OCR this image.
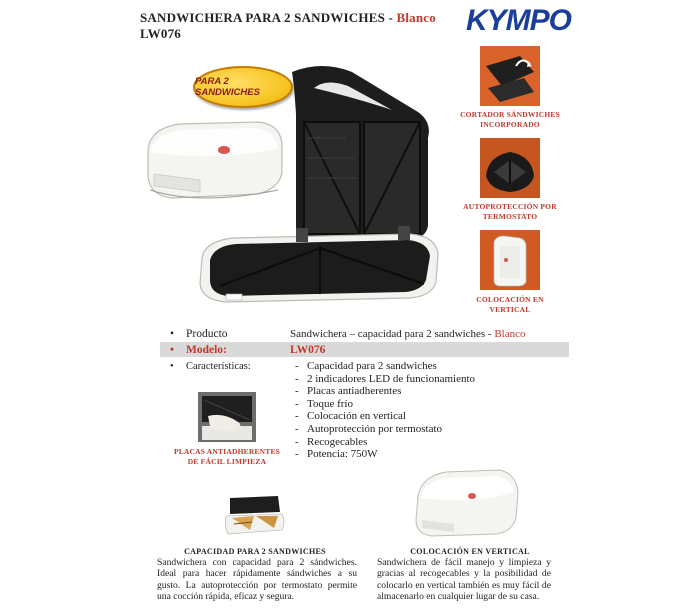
SANDWICHERA PARA 2 SANDWICHES - Blanco
LW076	KYMPO
PARA 2 SANDWICHES
CORTADOR SÁNDWICHES INCORPORADO
AUTOPROTECCIÓN POR TERMOSTATO
COLOCACIÓN EN VERTICAL
•	Producto	Sandwichera – capacidad para 2 sandwiches - Blanco
•	Modelo:	LW076
•	Características:
-	Capacidad para 2 sandwiches
- 2 indicadores LED de funcionamiento
- Placas antiadherentes
- Toque frío
- Colocación en vertical
- Autoprotección por termostato
- Recogecables
- Potencia: 750W
PLACAS ANTIADHERENTES DE FÁCIL LIMPIEZA
CAPACIDAD PARA 2 SANDWICHES
Sandwichera con capacidad para 2 sándwiches. Ideal para hacer rápidamente sándwiches a su gusto. La autoprotección por termostato permite una cocción rápida, eficaz y segura.
COLOCACIÓN EN VERTICAL
Sandwichera de fácil manejo y limpieza y gracias al recogecables y la posibilidad de colocarlo en vertical también es muy fácil de almacenarlo en cualquier lugar de su casa.
